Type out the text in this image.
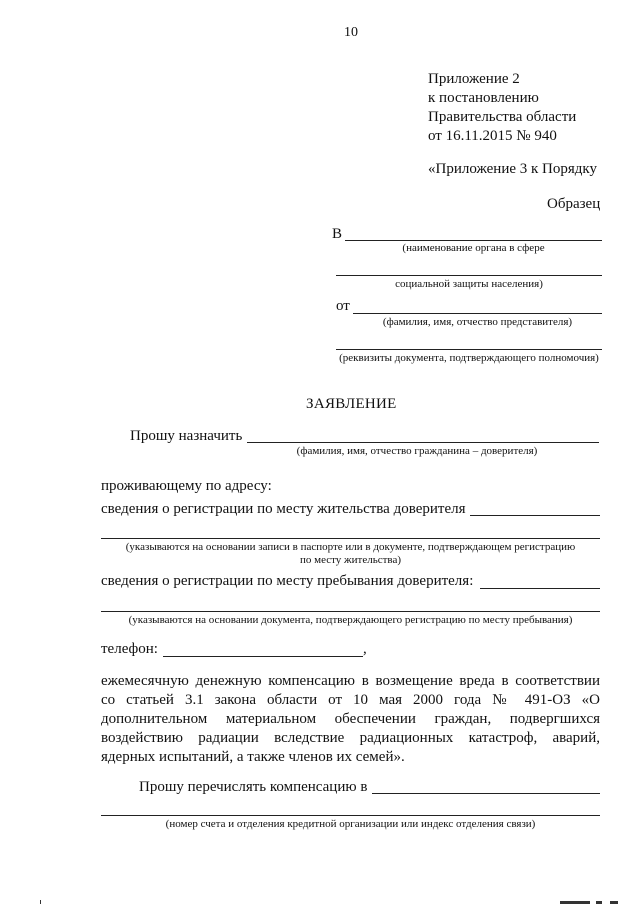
10
Приложение 2
к постановлению
Правительства области
от 16.11.2015 № 940
«Приложение 3 к Порядку
Образец
В
(наименование органа в сфере
социальной защиты населения)
от
(фамилия, имя, отчество представителя)
(реквизиты документа, подтверждающего полномочия)
ЗАЯВЛЕНИЕ
Прошу назначить
(фамилия, имя, отчество гражданина – доверителя)
проживающему по адресу:
сведения о регистрации по месту жительства доверителя
(указываются на основании записи в паспорте или в документе, подтверждающем регистрацию
по месту жительства)
сведения о регистрации по месту пребывания доверителя:
(указываются на основании документа, подтверждающего регистрацию по месту пребывания)
телефон:	,
ежемесячную денежную компенсацию в возмещение вреда в соответствии
со статьей 3.1 закона области от 10 мая 2000 года № 491-ОЗ «О
дополнительном материальном обеспечении граждан, подвергшихся
воздействию радиации вследствие радиационных катастроф, аварий,
ядерных испытаний, а также членов их семей».
Прошу перечислять компенсацию в
(номер счета и отделения кредитной организации или индекс отделения связи)
